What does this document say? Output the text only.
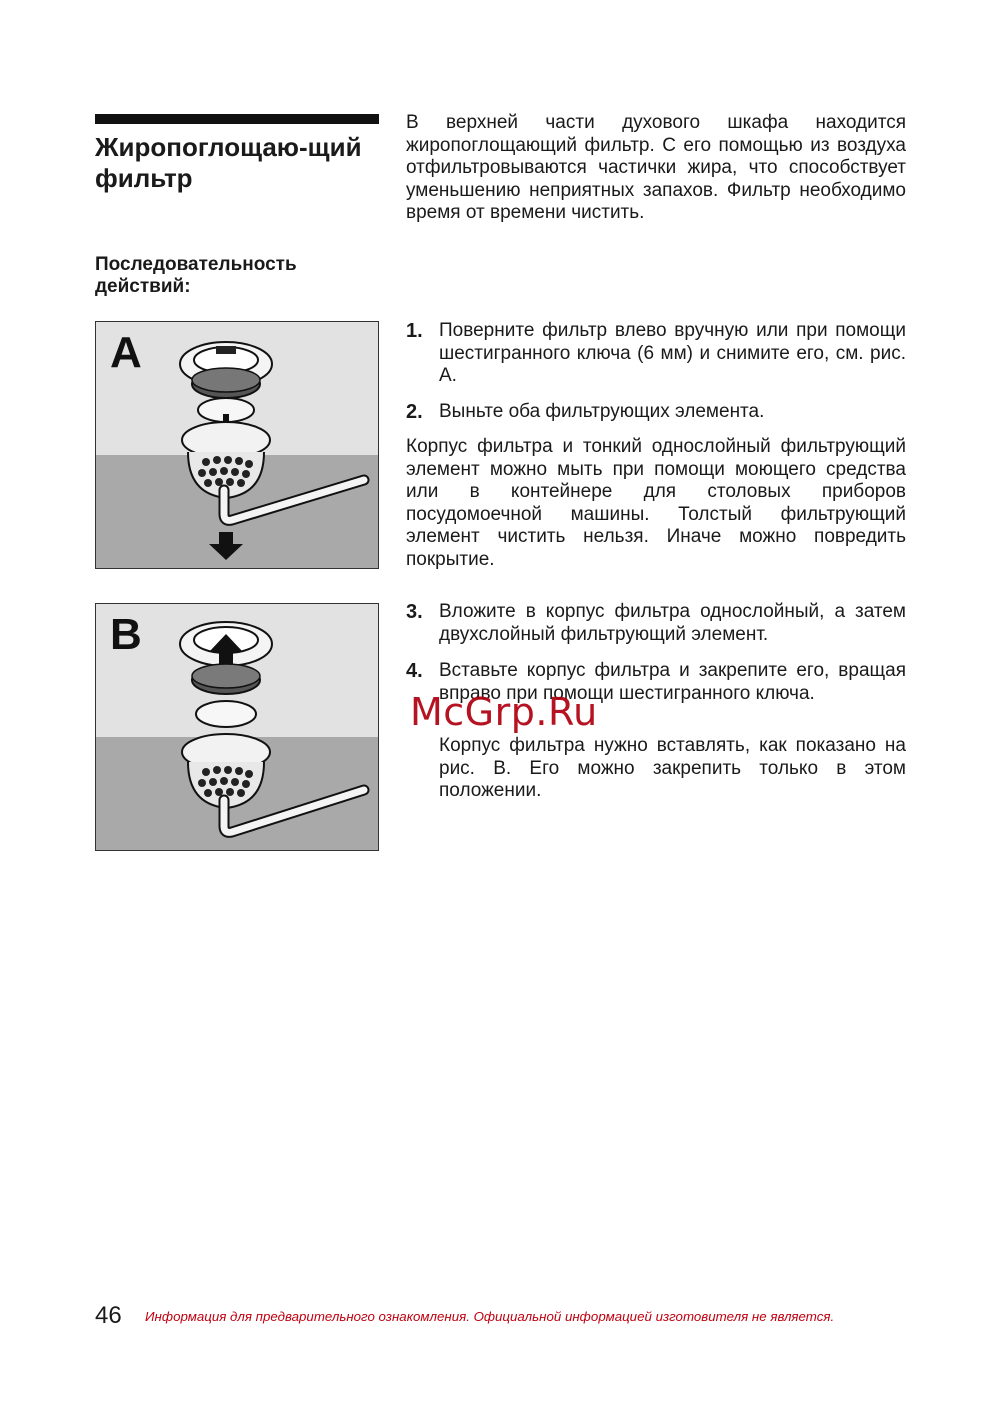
Жиропоглощаю-щий фильтр

В верхней части духового шкафа находится жиропоглощающий фильтр. С его помощью из воздуха отфильтровываются частички жира, что способствует уменьшению неприятных запахов. Фильтр необходимо время от времени чистить.

Последовательность действий:
A
B
1. Поверните фильтр влево вручную или при помощи шестигранного ключа (6 мм) и снимите его, см. рис. A.
2. Выньте оба фильтрующих элемента.

Корпус фильтра и тонкий однослойный фильтрующий элемент можно мыть при помощи моющего средства или в контейнере для столовых приборов посудомоечной машины. Толстый фильтрующий элемент чистить нельзя. Иначе можно повредить покрытие.

3. Вложите в корпус фильтра однослойный, а затем двухслойный фильтрующий элемент.
4. Вставьте корпус фильтра и закрепите его, вращая вправо при помощи шестигранного ключа.

Корпус фильтра нужно вставлять, как показано на рис. B. Его можно закрепить только в этом положении.

McGrp.Ru
46 Информация для предварительного ознакомления. Официальной информацией изготовителя не является.
